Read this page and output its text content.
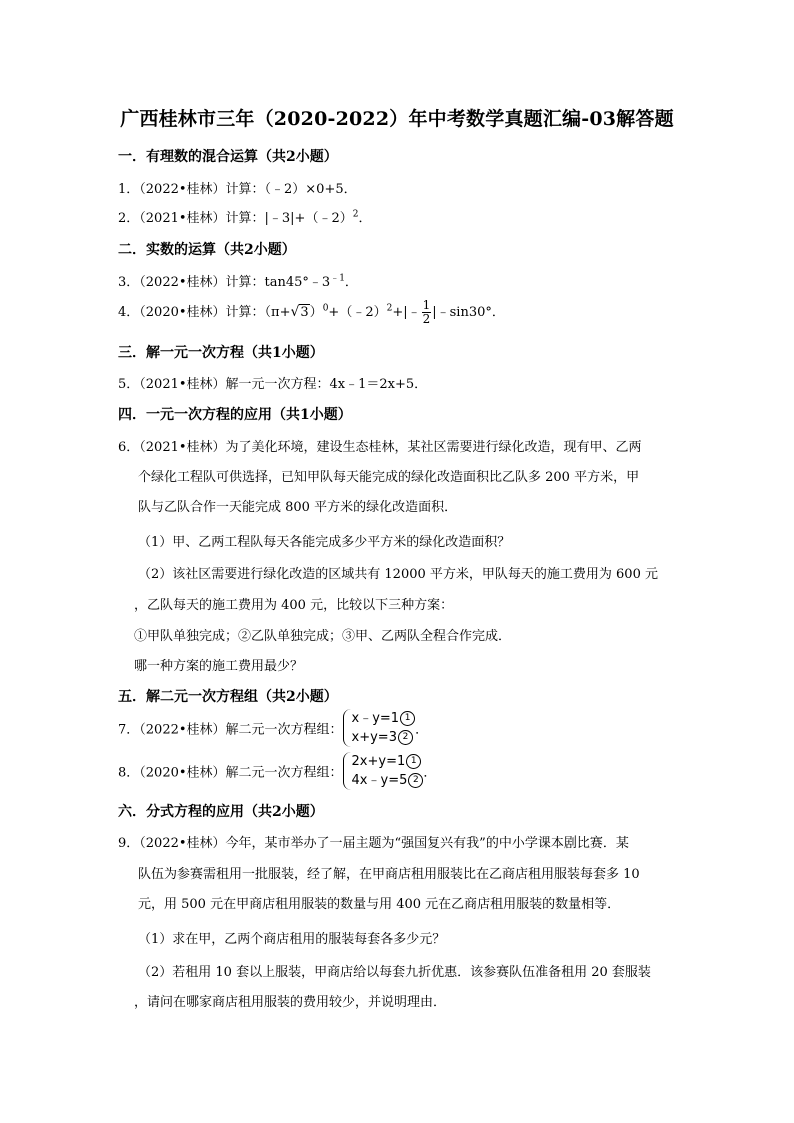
广西桂林市三年（2020-2022）年中考数学真题汇编-03解答题
一．有理数的混合运算（共2小题）
1．（2022•桂林）计算：（﹣2）×0+5．
2．（2021•桂林）计算：|﹣3|+（﹣2）$^2$．
二．实数的运算（共2小题）
3．（2022•桂林）计算：$\tan 45^\circ﹣3^{﹣1}$．
4．（2020•桂林）计算：$(\pi+√3)^0+(﹣2)^2+|﹣ \frac{1}{2}$ |﹣sin30°．
三．解一元一次方程（共1小题）
5．（2021•桂林）解一元一次方程：4x﹣1＝2x+5．
四．一元一次方程的应用（共1小题）
6．（2021•桂林）为了美化环境，建设生态桂林，某社区需要进行绿化改造，现有甲、乙两
个绿化工程队可供选择，已知甲队每天能完成的绿化改造面积比乙队多 200 平方米，甲
队与乙队合作一天能完成 800 平方米的绿化改造面积．
（1）甲、乙两工程队每天各能完成多少平方米的绿化改造面积？
（2）该社区需要进行绿化改造的区域共有 12000 平方米，甲队每天的施工费用为 600 元
，乙队每天的施工费用为 400 元，比较以下三种方案：
①甲队单独完成；②乙队单独完成；③甲、乙两队全程合作完成．
哪一种方案的施工费用最少？
五．解二元一次方程组（共2小题）
7．（2022•桂林）解二元一次方程组：
x﹣y=1 1
x+y=3 2 ．
8．（2020•桂林）解二元一次方程组：
2x+y=1 1
4x﹣y=5 2 ．
六．分式方程的应用（共2小题）
9．（2022•桂林）今年，某市举办了一届主题为“强国复兴有我”的中小学课本剧比赛．某
队伍为参赛需租用一批服装，经了解，在甲商店租用服装比在乙商店租用服装每套多 10
元，用 500 元在甲商店租用服装的数量与用 400 元在乙商店租用服装的数量相等．
（1）求在甲，乙两个商店租用的服装每套各多少元？
（2）若租用 10 套以上服装，甲商店给以每套九折优惠．该参赛队伍准备租用 20 套服装
，请问在哪家商店租用服装的费用较少，并说明理由．
